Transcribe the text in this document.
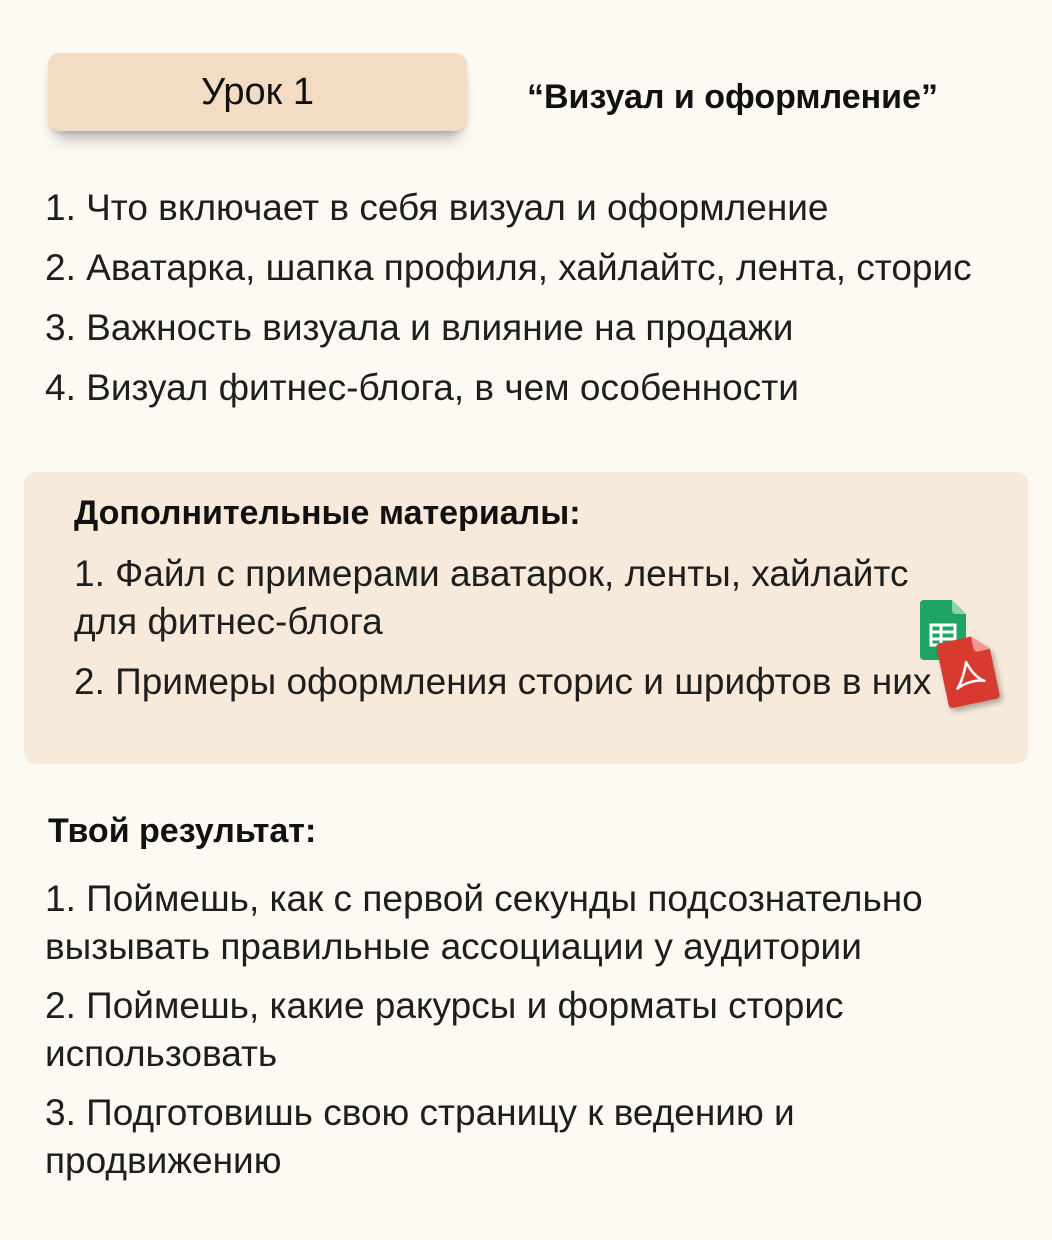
Урок 1	“Визуал и оформление”
1. Что включает в себя визуал и оформление
2. Аватарка, шапка профиля, хайлайтс, лента, сторис
3. Важность визуала и влияние на продажи
4. Визуал фитнес-блога, в чем особенности
Дополнительные материалы:
1. Файл с примерами аватарок, ленты, хайлайтс для фитнес-блога
2. Примеры оформления сторис и шрифтов в них
Твой результат:
1. Поймешь, как с первой секунды подсознательно вызывать правильные ассоциации у аудитории
2. Поймешь, какие ракурсы и форматы сторис использовать
3. Подготовишь свою страницу к ведению и продвижению
